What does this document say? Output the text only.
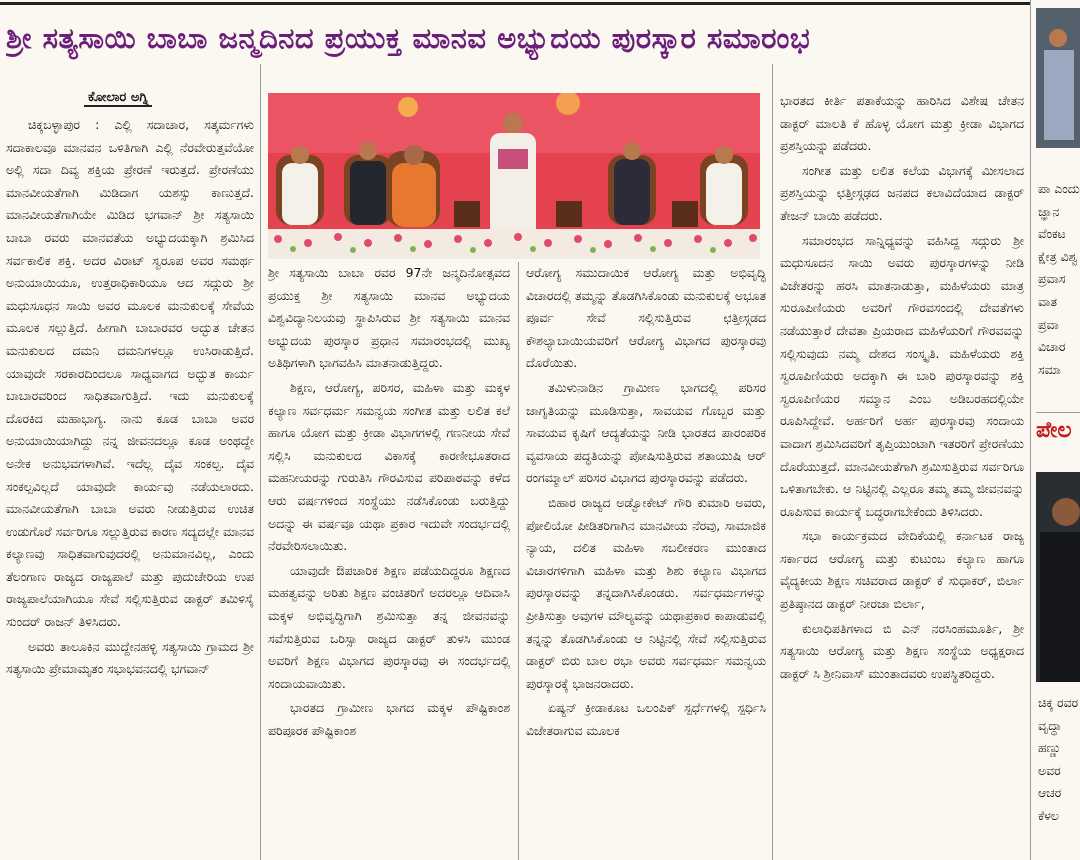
ಶ್ರೀ ಸತ್ಯಸಾಯಿ ಬಾಬಾ ಜನ್ಮದಿನದ ಪ್ರಯುಕ್ತ ಮಾನವ ಅಭ್ಯುದಯ ಪುರಸ್ಕಾರ ಸಮಾರಂಭ
ಕೋಲಾರ ಅಗ್ನಿ

ಚಿಕ್ಕಬಳ್ಳಾಪುರ : ಎಲ್ಲಿ ಸದಾಚಾರ, ಸತ್ಕರ್ಮಗಳು ಸದಾಕಾಲವೂ ಮಾನವನ ಒಳಿತಿಗಾಗಿ ಎಲ್ಲಿ ನೆರವೇರುತ್ತವೆಯೋ ಅಲ್ಲಿ ಸದಾ ದಿವ್ಯ ಶಕ್ತಿಯ ಪ್ರೇರಣೆ ಇರುತ್ತದೆ. ಪ್ರೇರಣೆಯು ಮಾನವೀಯತೆಗಾಗಿ ಮಿಡಿದಾಗ ಯಶಸ್ಸು ಕಾಣುತ್ತದೆ. ಮಾನವೀಯತೆಗಾಗಿಯೇ ಮಿಡಿದ ಭಗವಾನ್ ಶ್ರೀ ಸತ್ಯಸಾಯಿ ಬಾಬಾ ರವರು ಮಾನವತೆಯ ಅಭ್ಯುದಯಕ್ಕಾಗಿ ಶ್ರಮಿಸಿದ ಸರ್ವಕಾಲಿಕ ಶಕ್ತಿ. ಅದರ ವಿರಾಟ್ ಸ್ವರೂಪ ಅವರ ಸಮರ್ಥ ಅನುಯಾಯಿಯೂ, ಉತ್ತರಾಧಿಕಾರಿಯೂ ಆದ ಸದ್ಗುರು ಶ್ರೀ ಮಧುಸೂಧನ ಸಾಯಿ ಅವರ ಮೂಲಕ ಮನುಕುಲಕ್ಕೆ ಸೇವೆಯ ಮೂಲಕ ಸಲ್ಲುತ್ತಿದೆ. ಹೀಗಾಗಿ ಬಾಬಾರವರ ಅದ್ಭುತ ಚೇತನ ಮನುಕುಲದ ದಮನಿ ದಮನಿಗಳಲ್ಲೂ ಉಸಿರಾಡುತ್ತಿದೆ. ಯಾವುದೇ ಸರಕಾರದಿಂದಲೂ ಸಾಧ್ಯವಾಗದ ಅದ್ಭುತ ಕಾರ್ಯ ಬಾಬಾರವರಿಂದ ಸಾಧಿತವಾಗುತ್ತಿದೆ. ಇದು ಮನುಕುಲಕ್ಕೆ ದೊರಕಿದ ಮಹಾಭಾಗ್ಯ. ನಾನು ಕೂಡ ಬಾಬಾ ಅವರ ಅನುಯಾಯಿಯಾಗಿದ್ದು ನನ್ನ ಜೀವನದಲ್ಲೂ ಕೂಡ ಅಂಥದ್ದೇ ಅನೇಕ ಅನುಭವಗಳಾಗಿವೆ. ಇದೆಲ್ಲ ದೈವ ಸಂಕಲ್ಪ. ದೈವ ಸಂಕಲ್ಪವಿಲ್ಲದೆ ಯಾವುದೇ ಕಾರ್ಯವು ನಡೆಯಲಾರದು. ಮಾನವೀಯತೆಗಾಗಿ ಬಾಬಾ ಅವರು ನೀಡುತ್ತಿರುವ ಉಚಿತ ಉಡುಗೊರೆ ಸರ್ವರಿಗೂ ಸಲ್ಲುತ್ತಿರುವ ಕಾರಣ ಸದ್ಯದಲ್ಲೇ ಮಾನವ ಕಲ್ಯಾಣವು ಸಾಧಿತವಾಗುವುದರಲ್ಲಿ ಅನುಮಾನವಿಲ್ಲ, ಎಂದು ತೆಲಂಗಾಣ ರಾಜ್ಯದ ರಾಜ್ಯಪಾಲೆ ಮತ್ತು ಪುದುಚೇರಿಯ ಉಪ ರಾಜ್ಯಪಾಲೆಯಾಗಿಯೂ ಸೇವೆ ಸಲ್ಲಿಸುತ್ತಿರುವ ಡಾಕ್ಟರ್ ತಮಿಳಿಸೈ ಸುಂದರ್ ರಾಜನ್ ತಿಳಿಸಿದರು.

ಅವರು ತಾಲೂಕಿನ ಮುದ್ದೇನಹಳ್ಳಿ ಸತ್ಯಸಾಯಿ ಗ್ರಾಮದ ಶ್ರೀ ಸತ್ಯಸಾಯಿ ಪ್ರೇಮಾಮೃತಂ ಸಭಾಭವನದಲ್ಲಿ ಭಗವಾನ್

ಶ್ರೀ ಸತ್ಯಸಾಯಿ ಬಾಬಾ ರವರ 97ನೇ ಜನ್ಮದಿನೋತ್ಸವದ ಪ್ರಯುಕ್ತ ಶ್ರೀ ಸತ್ಯಸಾಯಿ ಮಾನವ ಅಭ್ಯುದಯ ವಿಶ್ವವಿದ್ಯಾನಿಲಯವು ಸ್ಥಾಪಿಸಿರುವ ಶ್ರೀ ಸತ್ಯಸಾಯಿ ಮಾನವ ಅಭ್ಯುದಯ ಪುರಸ್ಕಾರ ಪ್ರಧಾನ ಸಮಾರಂಭದಲ್ಲಿ ಮುಖ್ಯ ಅತಿಥಿಗಳಾಗಿ ಭಾಗವಹಿಸಿ ಮಾತನಾಡುತ್ತಿದ್ದರು.

ಶಿಕ್ಷಣ, ಆರೋಗ್ಯ, ಪರಿಸರ, ಮಹಿಳಾ ಮತ್ತು ಮಕ್ಕಳ ಕಲ್ಯಾಣ ಸರ್ವಧರ್ಮ ಸಮನ್ವಯ ಸಂಗೀತ ಮತ್ತು ಲಲಿತ ಕಲೆ ಹಾಗೂ ಯೋಗ ಮತ್ತು ಕ್ರೀಡಾ ವಿಭಾಗಗಳಲ್ಲಿ ಗಣನೀಯ ಸೇವೆ ಸಲ್ಲಿಸಿ ಮನುಕುಲದ ವಿಕಾಸಕ್ಕೆ ಕಾರಣೀಭೂತರಾದ ಮಹನೀಯರನ್ನು ಗುರುತಿಸಿ ಗೌರವಿಸುವ ಪರಿಪಾಠವನ್ನು ಕಳೆದ ಆರು ವರ್ಷಗಳಿಂದ ಸಂಸ್ಥೆಯು ನಡೆಸಿಕೊಂಡು ಬರುತ್ತಿದ್ದು ಅದನ್ನು ಈ ವರ್ಷವೂ ಯಥಾ ಪ್ರಕಾರ ಇದುವೇ ಸಂದರ್ಭದಲ್ಲಿ ನೆರವೇರಿಸಲಾಯಿತು.

ಯಾವುದೇ ಔಪಚಾರಿಕ ಶಿಕ್ಷಣ ಪಡೆಯದಿದ್ದರೂ ಶಿಕ್ಷಣದ ಮಹತ್ವವನ್ನು ಅರಿತು ಶಿಕ್ಷಣ ವಂಚಿತರಿಗೆ ಅದರಲ್ಲೂ ಆದಿವಾಸಿ ಮಕ್ಕಳ ಅಭಿವೃದ್ಧಿಗಾಗಿ ಶ್ರಮಿಸುತ್ತಾ ತನ್ನ ಜೀವನವನ್ನು ಸವೆಸುತ್ತಿರುವ ಒರಿಸ್ಸಾ ರಾಜ್ಯದ ಡಾಕ್ಟರ್ ತುಳಸಿ ಮುಂಡ ಅವರಿಗೆ ಶಿಕ್ಷಣ ವಿಭಾಗದ ಪುರಸ್ಕಾರವು ಈ ಸಂದರ್ಭದಲ್ಲಿ ಸಂದಾಯವಾಯಿತು.

ಭಾರತದ ಗ್ರಾಮೀಣ ಭಾಗದ ಮಕ್ಕಳ ಪೌಷ್ಟಿಕಾಂಶ ಪರಿಪೂರಕ ಪೌಷ್ಟಿಕಾಂಶ

ಆರೋಗ್ಯ ಸಮುದಾಯಿಕ ಆರೋಗ್ಯ ಮತ್ತು ಅಭಿವೃದ್ಧಿ ವಿಚಾರದಲ್ಲಿ ತಮ್ಮನ್ನು ತೊಡಗಿಸಿಕೊಂಡು ಮನುಕುಲಕ್ಕೆ ಅಭೂತ ಪೂರ್ವ ಸೇವೆ ಸಲ್ಲಿಸುತ್ತಿರುವ ಛತ್ತೀಸ್ಗಡದ ಕೌಶಲ್ಯಾಬಾಯಿಯವರಿಗೆ ಆರೋಗ್ಯ ವಿಭಾಗದ ಪುರಸ್ಕಾರವು ದೊರೆಯಿತು.

ತಮಿಳುನಾಡಿನ ಗ್ರಾಮೀಣ ಭಾಗದಲ್ಲಿ ಪರಿಸರ ಜಾಗೃತಿಯನ್ನು ಮೂಡಿಸುತ್ತಾ, ಸಾವಯವ ಗೊಬ್ಬರ ಮತ್ತು ಸಾವಯವ ಕೃಷಿಗೆ ಆದ್ಯತೆಯನ್ನು ನೀಡಿ ಭಾರತದ ಪಾರಂಪರಿಕ ವ್ಯವಸಾಯ ಪದ್ಧತಿಯನ್ನು ಪೋಷಿಸುತ್ತಿರುವ ಶತಾಯುಷಿ ಆರ್ ರಂಗಮ್ಮಾಲ್ ಪರಿಸರ ವಿಭಾಗದ ಪುರಸ್ಕಾರವನ್ನು ಪಡೆದರು.

ಬಿಹಾರ ರಾಜ್ಯದ ಅಡ್ವೋಕೇಟ್ ಗೌರಿ ಕುಮಾರಿ ಅವರು, ಪೋಲಿಯೋ ಪೀಡಿತರಿಗಾಗಿನ ಮಾನವೀಯ ನೆರವು, ಸಾಮಾಜಿಕ ನ್ಯಾಯ, ದಲಿತ ಮಹಿಳಾ ಸಬಲೀಕರಣ ಮುಂತಾದ ವಿಚಾರಗಳಿಗಾಗಿ ಮಹಿಳಾ ಮತ್ತು ಶಿಶು ಕಲ್ಯಾಣ ವಿಭಾಗದ ಪುರಸ್ಕಾರವನ್ನು ತನ್ನದಾಗಿಸಿಕೊಂಡರು. ಸರ್ವಧರ್ಮಗಳನ್ನು ಪ್ರೀತಿಸುತ್ತಾ ಅವುಗಳ ಮೌಲ್ಯವನ್ನು ಯಥಾಪ್ರಕಾರ ಕಾಪಾಡುವಲ್ಲಿ ತನ್ನನ್ನು ತೊಡಗಿಸಿಕೊಂಡು ಆ ನಿಟ್ಟಿನಲ್ಲಿ ಸೇವೆ ಸಲ್ಲಿಸುತ್ತಿರುವ ಡಾಕ್ಟರ್ ಬಿರು ಬಾಲ ರಭಾ ಅವರು ಸರ್ವಧರ್ಮ ಸಮನ್ವಯ ಪುರಸ್ಕಾರಕ್ಕೆ ಭಾಜನರಾದರು.

ಏಷ್ಯನ್ ಕ್ರೀಡಾಕೂಟ ಒಲಂಪಿಕ್ ಸ್ಪರ್ಧೆಗಳಲ್ಲಿ ಸ್ಪರ್ಧಿಸಿ ವಿಜೇತರಾಗುವ ಮೂಲಕ

ಭಾರತದ ಕೀರ್ತಿ ಪತಾಕೆಯನ್ನು ಹಾರಿಸಿದ ವಿಶೇಷ ಚೇತನ ಡಾಕ್ಟರ್ ಮಾಲತಿ ಕೆ ಹೊಳ್ಳ ಯೋಗ ಮತ್ತು ಕ್ರೀಡಾ ವಿಭಾಗದ ಪ್ರಶಸ್ತಿಯನ್ನು ಪಡೆದರು.

ಸಂಗೀತ ಮತ್ತು ಲಲಿತ ಕಲೆಯ ವಿಭಾಗಕ್ಕೆ ಮೀಸಲಾದ ಪ್ರಶಸ್ತಿಯನ್ನು ಛತ್ತೀಸ್ಗಢದ ಜನಪದ ಕಲಾವಿದೆಯಾದ ಡಾಕ್ಟರ್ ತೇಜನ್ ಬಾಯಿ ಪಡೆದರು.

ಸಮಾರಂಭದ ಸಾನ್ನಿಧ್ಯವನ್ನು ವಹಿಸಿದ್ದ ಸದ್ಗುರು ಶ್ರೀ ಮಧುಸೂದನ ಸಾಯಿ ಅವರು ಪುರಸ್ಕಾರಗಳನ್ನು ನೀಡಿ ವಿಜೇತರನ್ನು ಹರಸಿ ಮಾತನಾಡುತ್ತಾ, ಮಹಿಳೆಯರು ಮಾತ್ರ ಸುರೂಪಿಣಿಯರು ಅವರಿಗೆ ಗೌರವಸಂದಲ್ಲಿ ದೇವತೆಗಳು ನಡೆಯುತ್ತಾರೆ ದೇವತಾ ಪ್ರಿಯರಾದ ಮಹಿಳೆಯರಿಗೆ ಗೌರವವನ್ನು ಸಲ್ಲಿಸುವುದು ನಮ್ಮ ದೇಶದ ಸಂಸ್ಕೃತಿ. ಮಹಿಳೆಯರು ಶಕ್ತಿ ಸ್ವರೂಪಿಣಿಯರು ಅದಕ್ಕಾಗಿ ಈ ಬಾರಿ ಪುರಸ್ಕಾರವನ್ನು ಶಕ್ತಿ ಸ್ವರೂಪಿಣಿಯರ ಸಮ್ಮಾನ ಎಂಬ ಅಡಿಬರಹದಲ್ಲಿಯೇ ರೂಪಿಸಿದ್ದೇವೆ. ಅರ್ಹರಿಗೆ ಅರ್ಹ ಪುರಸ್ಕಾರವು ಸಂದಾಯ ವಾದಾಗ ಶ್ರಮಿಸಿದವರಿಗೆ ತೃಪ್ತಿಯುಂಟಾಗಿ ಇತರರಿಗೆ ಪ್ರೇರಣೆಯು ದೊರೆಯುತ್ತದೆ. ಮಾನವೀಯತೆಗಾಗಿ ಶ್ರಮಿಸುತ್ತಿರುವ ಸರ್ವರಿಗೂ ಒಳಿತಾಗಬೇಕು. ಆ ನಿಟ್ಟಿನಲ್ಲಿ ಎಲ್ಲರೂ ತಮ್ಮ ತಮ್ಮ ಜೀವನವನ್ನು ರೂಪಿಸುವ ಕಾರ್ಯಕ್ಕೆ ಬದ್ಧರಾಗಬೇಕೆಂದು ತಿಳಿಸಿದರು.

ಸಭಾ ಕಾರ್ಯಕ್ರಮದ ವೇದಿಕೆಯಲ್ಲಿ ಕರ್ನಾಟಕ ರಾಜ್ಯ ಸರ್ಕಾರದ ಆರೋಗ್ಯ ಮತ್ತು ಕುಟುಂಬ ಕಲ್ಯಾಣ ಹಾಗೂ ವೈದ್ಯಕೀಯ ಶಿಕ್ಷಣ ಸಚಿವರಾದ ಡಾಕ್ಟರ್ ಕೆ ಸುಧಾಕರ್, ಬಿರ್ಲಾ ಪ್ರತಿಷ್ಠಾನದ ಡಾಕ್ಟರ್ ನೀರಜಾ ಬಿರ್ಲಾ,

ಕುಲಾಧಿಪತಿಗಳಾದ ಬಿ ಎನ್ ನರಸಿಂಹಮೂರ್ತಿ, ಶ್ರೀ ಸತ್ಯಸಾಯಿ ಆರೋಗ್ಯ ಮತ್ತು ಶಿಕ್ಷಣ ಸಂಸ್ಥೆಯ ಅಧ್ಯಕ್ಷರಾದ ಡಾಕ್ಟರ್ ಸಿ ಶ್ರೀನಿವಾಸ್ ಮುಂತಾದವರು ಉಪಸ್ಥಿತರಿದ್ದರು.

ಪಾ ಎಂದು ಜ್ಞಾನ ವೆಂಕಟ ಕ್ಷೇತ್ರ ವಿಶ್ವ ಪ್ರವಾಸ ವಾತ ಪ್ರವಾ ವಿಚಾರ ಸಮಾ
ಪೇಲ
ಚಿಕ್ಕ ರವರ ವೃದ್ಧಾ ಹಣ್ಣು ಅವರ ಆಚರ ಕೆಳಲ
